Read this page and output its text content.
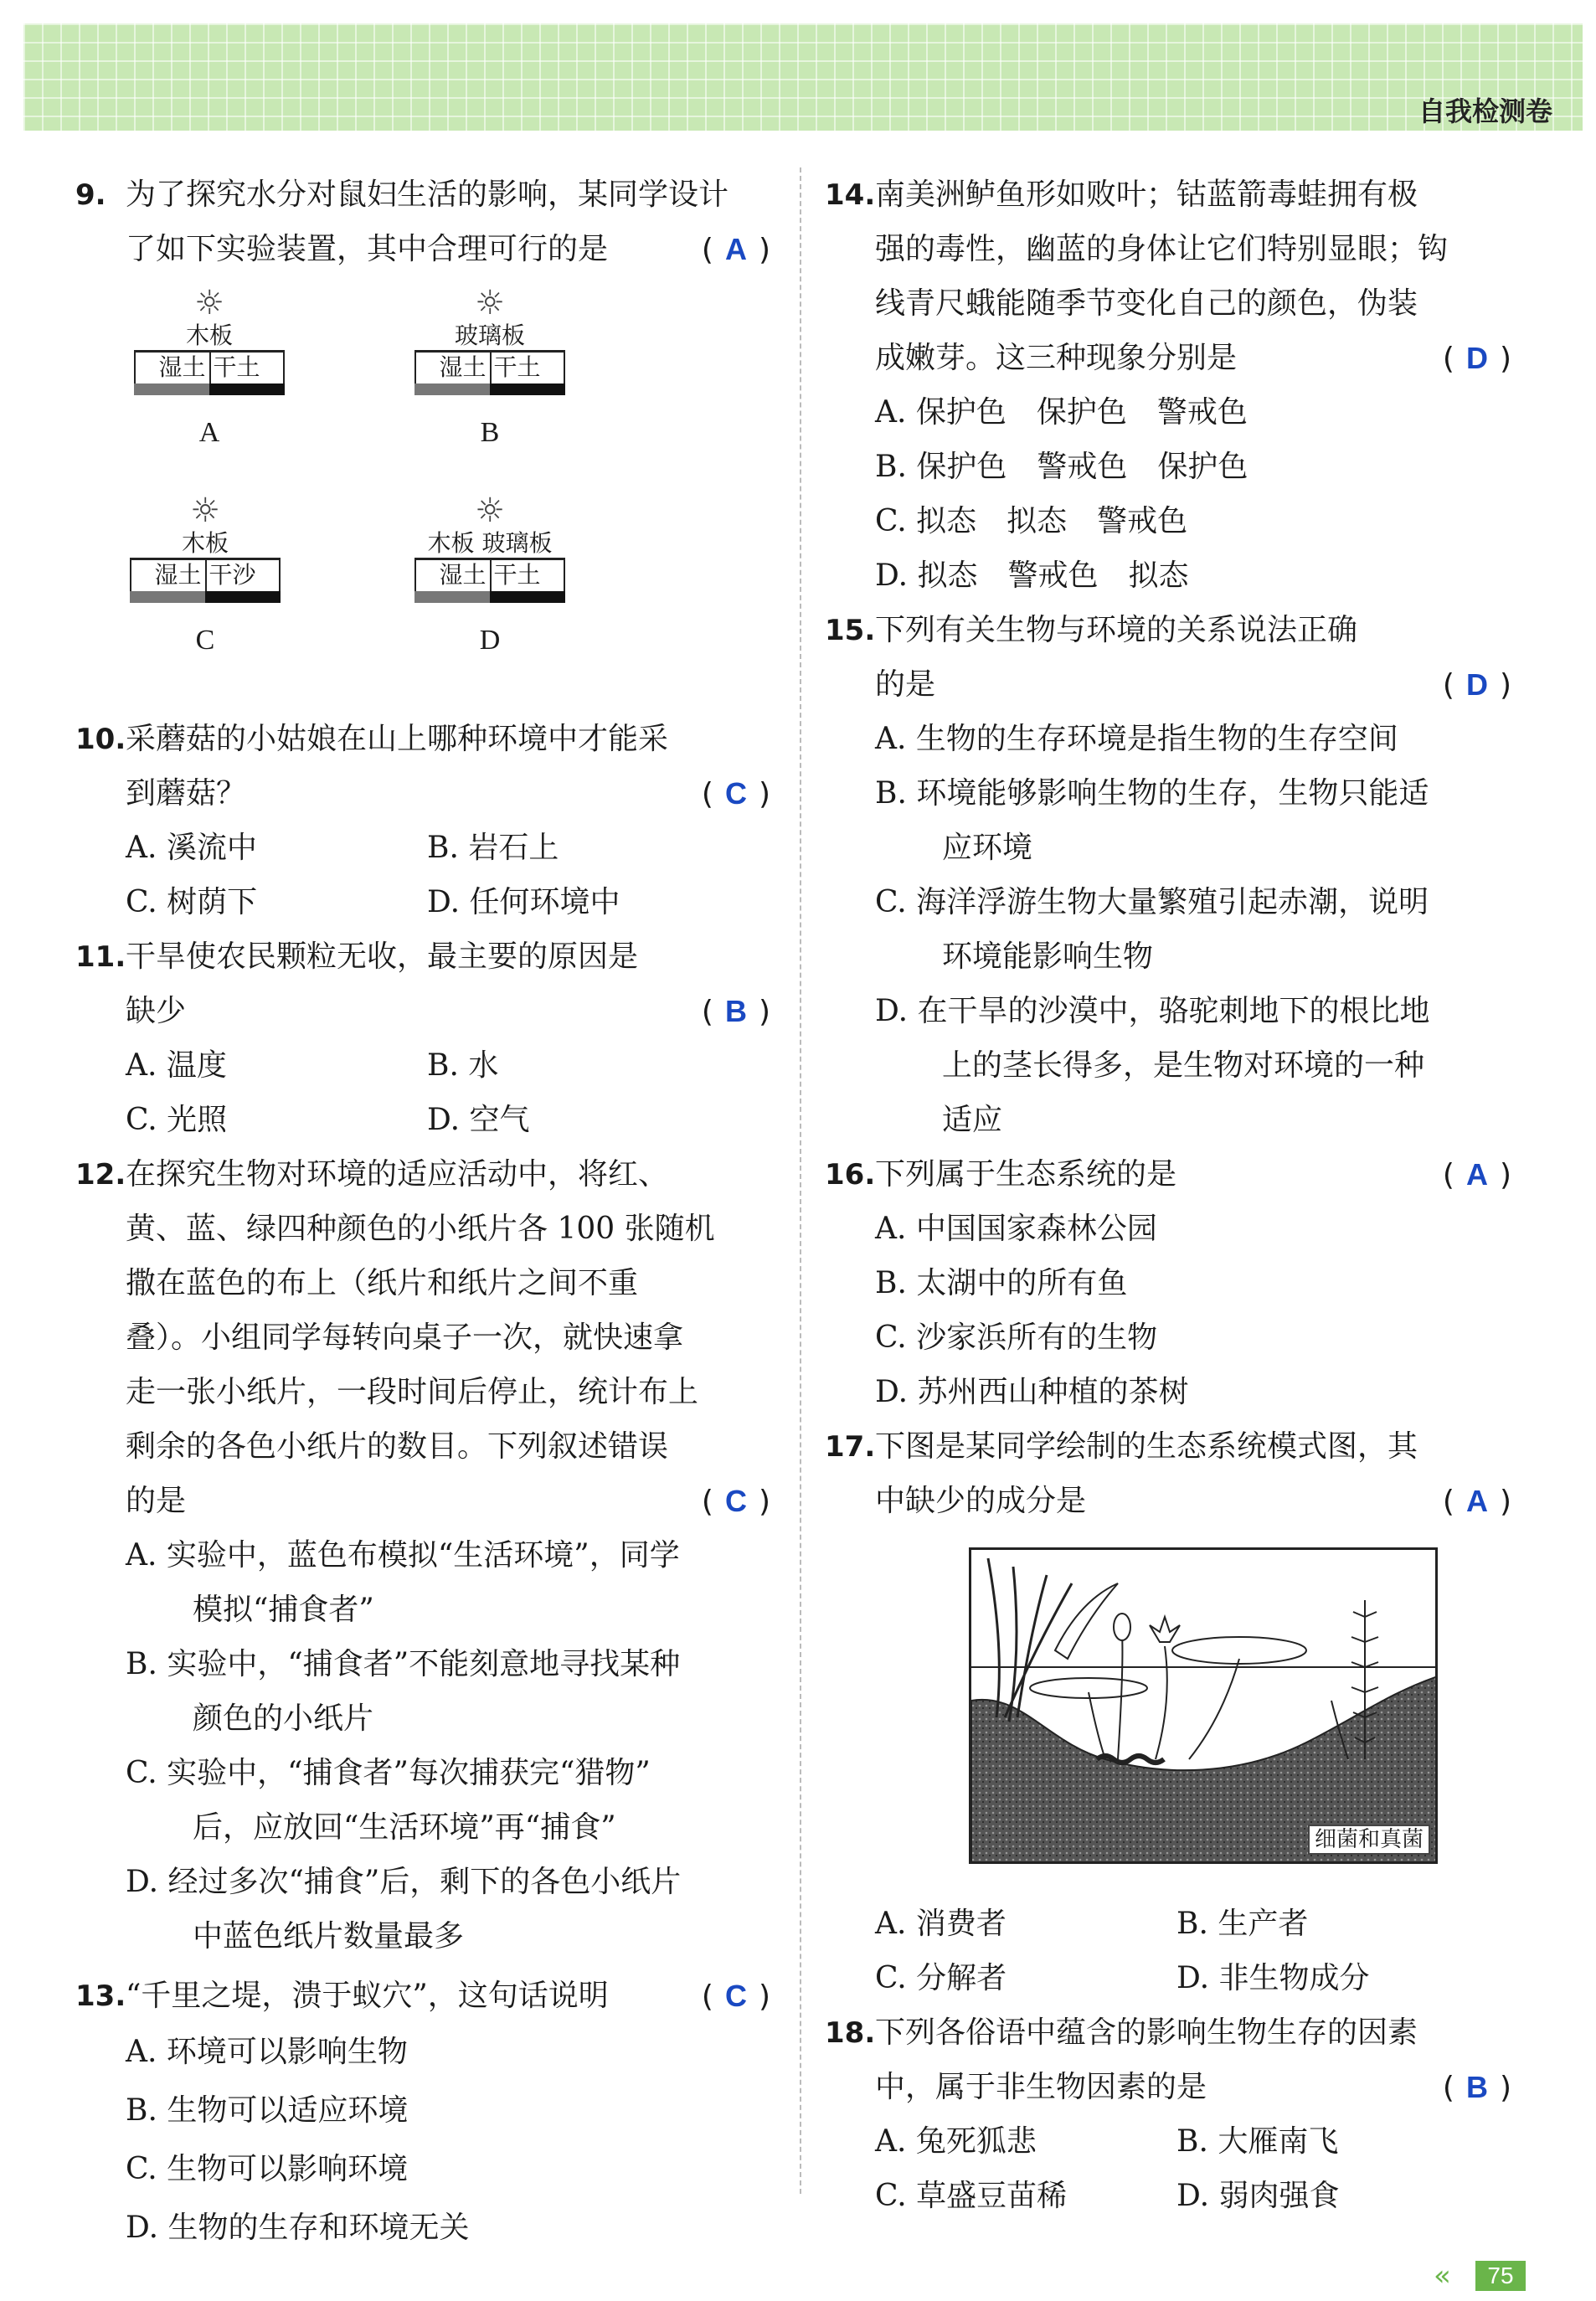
自我检测卷
9. 为了探究水分对鼠妇生活的影响，某同学设计
了如下实验装置，其中合理可行的是	( A )
☼
木板
湿土 干土
A
☼
玻璃板
湿土 干土
B
☼
木板
湿土 干沙
C
☼
木板 玻璃板
湿土 干土
D
10.采蘑菇的小姑娘在山上哪种环境中才能采
到蘑菇？	( C )
A. 溪流中	B. 岩石上
C. 树荫下	D. 任何环境中
11.干旱使农民颗粒无收，最主要的原因是
缺少	( B )
A. 温度	B. 水
C. 光照	D. 空气
12.在探究生物对环境的适应活动中，将红、
黄、蓝、绿四种颜色的小纸片各 100 张随机
撒在蓝色的布上（纸片和纸片之间不重
叠）。小组同学每转向桌子一次，就快速拿
走一张小纸片，一段时间后停止，统计布上
剩余的各色小纸片的数目。下列叙述错误
的是	( C )
A. 实验中，蓝色布模拟“生活环境”，同学
模拟“捕食者”
B. 实验中，“捕食者”不能刻意地寻找某种
颜色的小纸片
C. 实验中，“捕食者”每次捕获完“猎物”
后，应放回“生活环境”再“捕食”
D. 经过多次“捕食”后，剩下的各色小纸片
中蓝色纸片数量最多
13.“千里之堤，溃于蚁穴”，这句话说明	( C )
A. 环境可以影响生物
B. 生物可以适应环境
C. 生物可以影响环境
D. 生物的生存和环境无关
14.南美洲鲈鱼形如败叶；钴蓝箭毒蛙拥有极
强的毒性，幽蓝的身体让它们特别显眼；钩
线青尺蛾能随季节变化自己的颜色，伪装
成嫩芽。这三种现象分别是	( D )
A. 保护色　保护色　警戒色
B. 保护色　警戒色　保护色
C. 拟态　拟态　警戒色
D. 拟态　警戒色　拟态
15.下列有关生物与环境的关系说法正确
的是	( D )
A. 生物的生存环境是指生物的生存空间
B. 环境能够影响生物的生存，生物只能适
应环境
C. 海洋浮游生物大量繁殖引起赤潮，说明
环境能影响生物
D. 在干旱的沙漠中，骆驼刺地下的根比地
上的茎长得多，是生物对环境的一种
适应
16.下列属于生态系统的是	( A )
A. 中国国家森林公园
B. 太湖中的所有鱼
C. 沙家浜所有的生物
D. 苏州西山种植的茶树
17.下图是某同学绘制的生态系统模式图，其
中缺少的成分是	( A )
A. 消费者	B. 生产者
C. 分解者	D. 非生物成分
18.下列各俗语中蕴含的影响生物生存的因素
中，属于非生物因素的是	( B )
A. 兔死狐悲	B. 大雁南飞
C. 草盛豆苗稀	D. 弱肉强食
细菌和真菌
«	75
